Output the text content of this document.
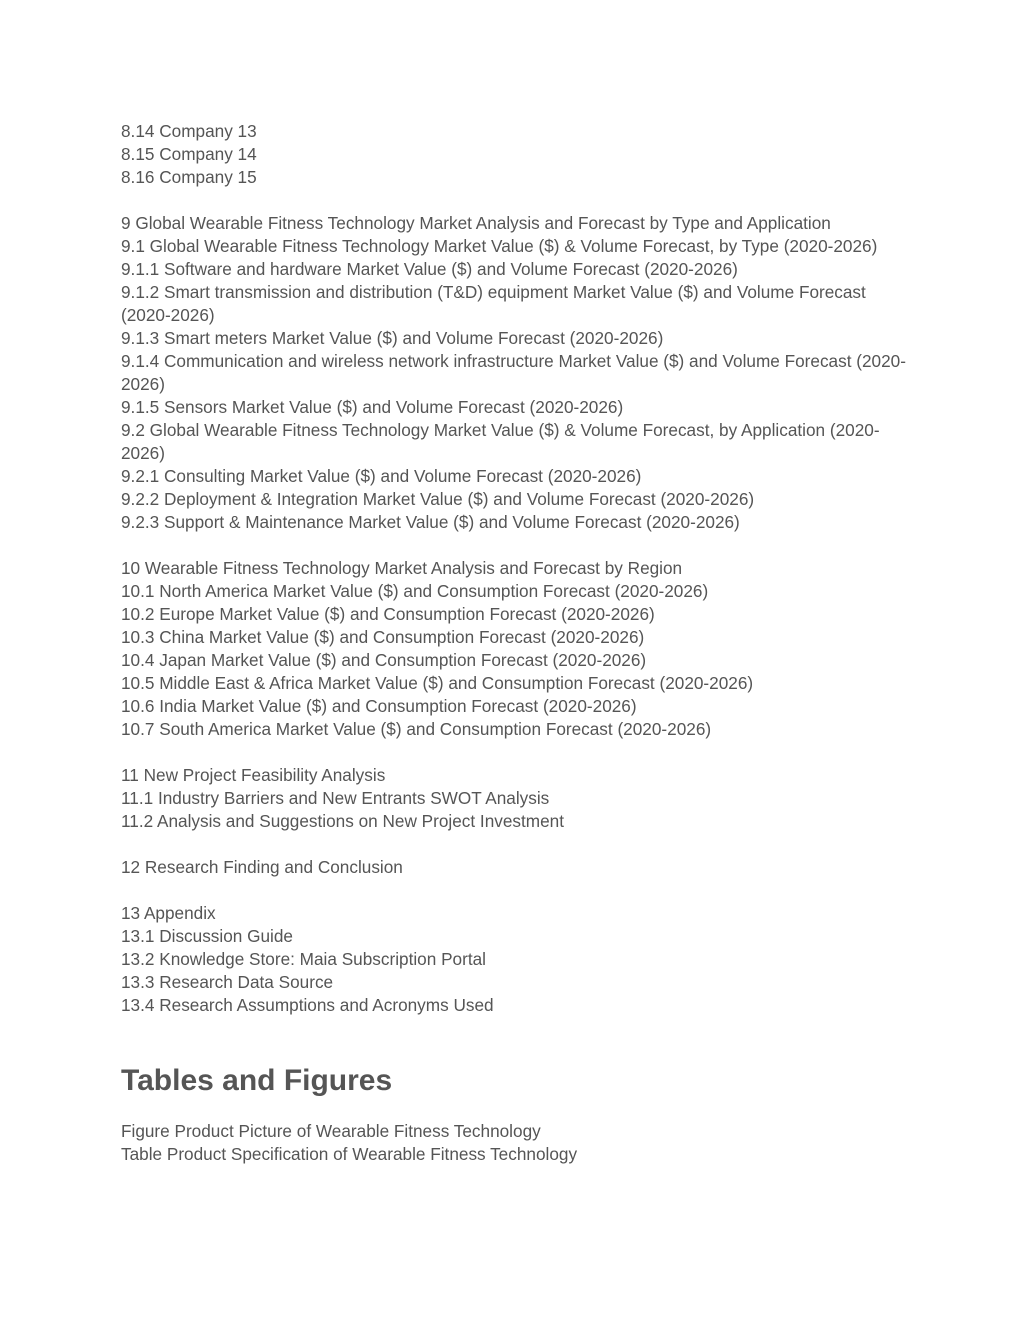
8.14 Company 13

8.15 Company 14

8.16 Company 15

9 Global Wearable Fitness Technology Market Analysis and Forecast by Type and Application

9.1 Global Wearable Fitness Technology Market Value ($) & Volume Forecast, by Type (2020-2026)

9.1.1 Software and hardware Market Value ($) and Volume Forecast (2020-2026)

9.1.2 Smart transmission and distribution (T&D) equipment Market Value ($) and Volume Forecast (2020-2026)

9.1.3 Smart meters Market Value ($) and Volume Forecast (2020-2026)

9.1.4 Communication and wireless network infrastructure Market Value ($) and Volume Forecast (2020-2026)

9.1.5 Sensors Market Value ($) and Volume Forecast (2020-2026)

9.2 Global Wearable Fitness Technology Market Value ($) & Volume Forecast, by Application (2020-2026)

9.2.1 Consulting Market Value ($) and Volume Forecast (2020-2026)

9.2.2 Deployment & Integration Market Value ($) and Volume Forecast (2020-2026)

9.2.3 Support & Maintenance Market Value ($) and Volume Forecast (2020-2026)

10 Wearable Fitness Technology Market Analysis and Forecast by Region

10.1 North America Market Value ($) and Consumption Forecast (2020-2026)

10.2 Europe Market Value ($) and Consumption Forecast (2020-2026)

10.3 China Market Value ($) and Consumption Forecast (2020-2026)

10.4 Japan Market Value ($) and Consumption Forecast (2020-2026)

10.5 Middle East & Africa Market Value ($) and Consumption Forecast (2020-2026)

10.6 India Market Value ($) and Consumption Forecast (2020-2026)

10.7 South America Market Value ($) and Consumption Forecast (2020-2026)

11 New Project Feasibility Analysis

11.1 Industry Barriers and New Entrants SWOT Analysis

11.2 Analysis and Suggestions on New Project Investment

12 Research Finding and Conclusion

13 Appendix

13.1 Discussion Guide

13.2 Knowledge Store: Maia Subscription Portal

13.3 Research Data Source

13.4 Research Assumptions and Acronyms Used

Tables and Figures

Figure Product Picture of Wearable Fitness Technology

Table Product Specification of Wearable Fitness Technology
